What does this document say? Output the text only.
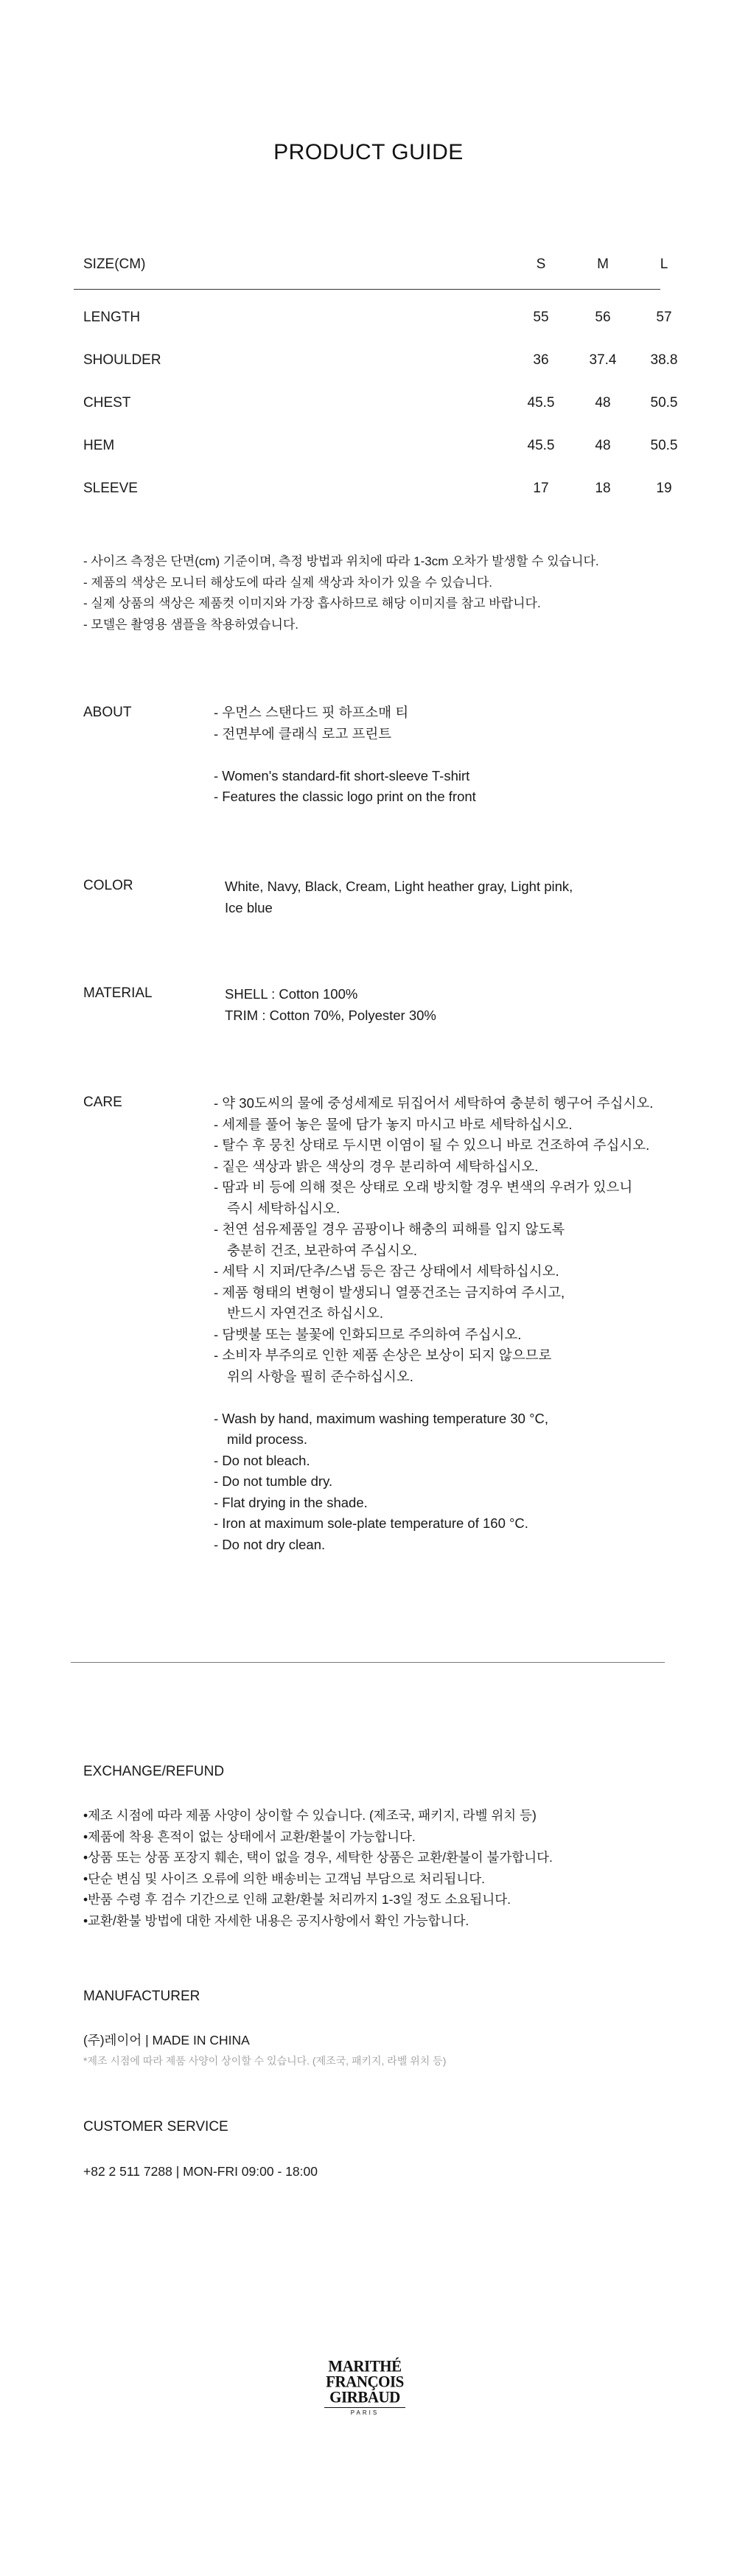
PRODUCT GUIDE
SIZE(CM)	S	M	L
LENGTH	55	56	57
SHOULDER	36	37.4	38.8
CHEST	45.5	48	50.5
HEM	45.5	48	50.5
SLEEVE	17	18	19
- 사이즈 측정은 단면(cm) 기준이며, 측정 방법과 위치에 따라 1-3cm 오차가 발생할 수 있습니다.
- 제품의 색상은 모니터 해상도에 따라 실제 색상과 차이가 있을 수 있습니다.
- 실제 상품의 색상은 제품컷 이미지와 가장 흡사하므로 해당 이미지를 참고 바랍니다.
- 모델은 촬영용 샘플을 착용하였습니다.
ABOUT	- 우먼스 스탠다드 핏 하프소매 티
- 전면부에 클래식 로고 프린트
- Women's standard-fit short-sleeve T-shirt
- Features the classic logo print on the front
COLOR	White, Navy, Black, Cream, Light heather gray, Light pink,
Ice blue
MATERIAL	SHELL : Cotton 100%
TRIM : Cotton 70%, Polyester 30%
CARE	- 약 30도씨의 물에 중성세제로 뒤집어서 세탁하여 충분히 헹구어 주십시오.
- 세제를 풀어 놓은 물에 담가 놓지 마시고 바로 세탁하십시오.
- 탈수 후 뭉친 상태로 두시면 이염이 될 수 있으니 바로 건조하여 주십시오.
- 짙은 색상과 밝은 색상의 경우 분리하여 세탁하십시오.
- 땀과 비 등에 의해 젖은 상태로 오래 방치할 경우 변색의 우려가 있으니
즉시 세탁하십시오.
- 천연 섬유제품일 경우 곰팡이나 해충의 피해를 입지 않도록
충분히 건조, 보관하여 주십시오.
- 세탁 시 지퍼/단추/스냅 등은 잠근 상태에서 세탁하십시오.
- 제품 형태의 변형이 발생되니 열풍건조는 금지하여 주시고,
반드시 자연건조 하십시오.
- 담뱃불 또는 불꽃에 인화되므로 주의하여 주십시오.
- 소비자 부주의로 인한 제품 손상은 보상이 되지 않으므로
위의 사항을 필히 준수하십시오.
- Wash by hand, maximum washing temperature 30 °C,
mild process.
- Do not bleach.
- Do not tumble dry.
- Flat drying in the shade.
- Iron at maximum sole-plate temperature of 160 °C.
- Do not dry clean.
EXCHANGE/REFUND
•제조 시점에 따라 제품 사양이 상이할 수 있습니다. (제조국, 패키지, 라벨 위치 등)
•제품에 착용 흔적이 없는 상태에서 교환/환불이 가능합니다.
•상품 또는 상품 포장지 훼손, 택이 없을 경우, 세탁한 상품은 교환/환불이 불가합니다.
•단순 변심 및 사이즈 오류에 의한 배송비는 고객님 부담으로 처리됩니다.
•반품 수령 후 검수 기간으로 인해 교환/환불 처리까지 1-3일 정도 소요됩니다.
•교환/환불 방법에 대한 자세한 내용은 공지사항에서 확인 가능합니다.
MANUFACTURER
(주)레이어 | MADE IN CHINA
*제조 시점에 따라 제품 사양이 상이할 수 있습니다. (제조국, 패키지, 라벨 위치 등)
CUSTOMER SERVICE
+82 2 511 7288 | MON-FRI 09:00 - 18:00
MARITHÉ
FRANÇOIS
GIRBAUD
PARIS
